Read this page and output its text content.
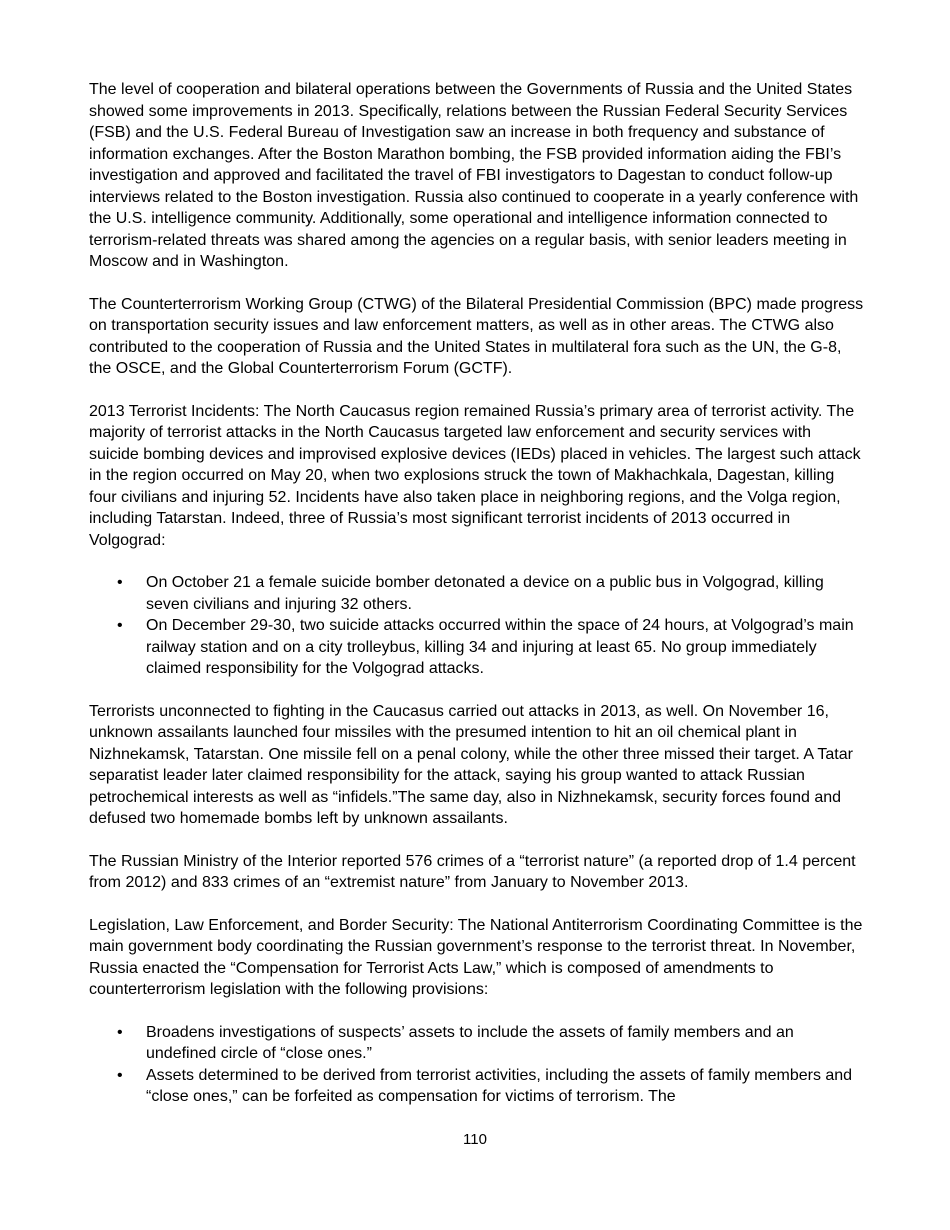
The level of cooperation and bilateral operations between the Governments of Russia and the United States showed some improvements in 2013. Specifically, relations between the Russian Federal Security Services (FSB) and the U.S. Federal Bureau of Investigation saw an increase in both frequency and substance of information exchanges. After the Boston Marathon bombing, the FSB provided information aiding the FBI’s investigation and approved and facilitated the travel of FBI investigators to Dagestan to conduct follow-up interviews related to the Boston investigation. Russia also continued to cooperate in a yearly conference with the U.S. intelligence community. Additionally, some operational and intelligence information connected to terrorism-related threats was shared among the agencies on a regular basis, with senior leaders meeting in Moscow and in Washington.

The Counterterrorism Working Group (CTWG) of the Bilateral Presidential Commission (BPC) made progress on transportation security issues and law enforcement matters, as well as in other areas. The CTWG also contributed to the cooperation of Russia and the United States in multilateral fora such as the UN, the G-8, the OSCE, and the Global Counterterrorism Forum (GCTF).

2013 Terrorist Incidents: The North Caucasus region remained Russia’s primary area of terrorist activity. The majority of terrorist attacks in the North Caucasus targeted law enforcement and security services with suicide bombing devices and improvised explosive devices (IEDs) placed in vehicles. The largest such attack in the region occurred on May 20, when two explosions struck the town of Makhachkala, Dagestan, killing four civilians and injuring 52. Incidents have also taken place in neighboring regions, and the Volga region, including Tatarstan. Indeed, three of Russia’s most significant terrorist incidents of 2013 occurred in Volgograd:

• On October 21 a female suicide bomber detonated a device on a public bus in Volgograd, killing seven civilians and injuring 32 others.
• On December 29-30, two suicide attacks occurred within the space of 24 hours, at Volgograd’s main railway station and on a city trolleybus, killing 34 and injuring at least 65. No group immediately claimed responsibility for the Volgograd attacks.

Terrorists unconnected to fighting in the Caucasus carried out attacks in 2013, as well. On November 16, unknown assailants launched four missiles with the presumed intention to hit an oil chemical plant in Nizhnekamsk, Tatarstan. One missile fell on a penal colony, while the other three missed their target. A Tatar separatist leader later claimed responsibility for the attack, saying his group wanted to attack Russian petrochemical interests as well as “infidels.”The same day, also in Nizhnekamsk, security forces found and defused two homemade bombs left by unknown assailants.

The Russian Ministry of the Interior reported 576 crimes of a “terrorist nature” (a reported drop of 1.4 percent from 2012) and 833 crimes of an “extremist nature” from January to November 2013.

Legislation, Law Enforcement, and Border Security: The National Antiterrorism Coordinating Committee is the main government body coordinating the Russian government’s response to the terrorist threat. In November, Russia enacted the “Compensation for Terrorist Acts Law,” which is composed of amendments to counterterrorism legislation with the following provisions:

• Broadens investigations of suspects’ assets to include the assets of family members and an undefined circle of “close ones.”
• Assets determined to be derived from terrorist activities, including the assets of family members and “close ones,” can be forfeited as compensation for victims of terrorism. The
110
